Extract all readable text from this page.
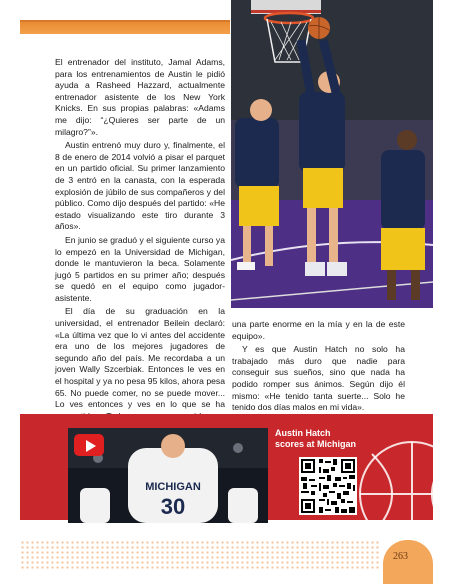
El entrenador del instituto, Jamal Adams, para los entrenamientos de Austin le pidió ayuda a Rasheed Hazzard, actualmente entrenador asistente de los New York Knicks. En sus propias palabras: «Adams me dijo: “¿Quieres ser parte de un milagro?”».

Austin entrenó muy duro y, finalmente, el 8 de enero de 2014 volvió a pisar el parquet en un partido oficial. Su primer lanzamiento de 3 entró en la canasta, con la esperada explosión de júbilo de sus compañeros y del público. Como dijo después del partido: «He estado visualizando este tiro durante 3 años».

En junio se graduó y el siguiente curso ya lo empezó en la Universidad de Michigan, donde le mantuvieron la beca. Solamente jugó 5 partidos en su primer año; después se quedó en el equipo como jugador-asistente.

El día de su graduación en la universidad, el entrenador Beilein declaró: «La última vez que lo vi antes del accidente era uno de los mejores jugadores de segundo año del país. Me recordaba a un joven Wally Szcerbiak. Entonces le ves en el hospital y ya no pesa 95 kilos, ahora pesa 65. No puede comer, no se puede mover... Lo ves entonces y ves en lo que se ha

una parte enorme en la mía y en la de este equipo».

Y es que Austin Hatch no solo ha trabajado más duro que nadie para conseguir sus sueños, sino que nada ha podido romper sus ánimos. Según dijo él mismo: «He tenido tanta suerte... Solo he tenido dos días malos en mi vida».

MICHIGAN
30
Austin Hatch
scores at Michigan
263
